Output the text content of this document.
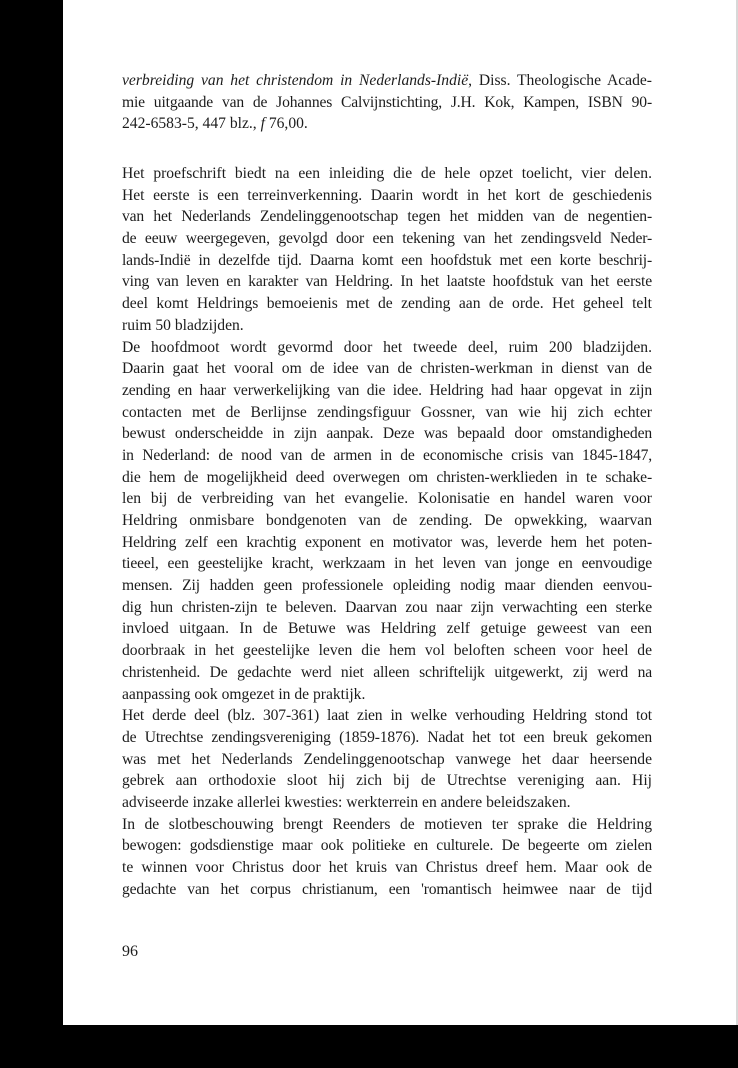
verbreiding van het christendom in Nederlands-Indië, Diss. Theologische Acade-
mie uitgaande van de Johannes Calvijnstichting, J.H. Kok, Kampen, ISBN 90-
242-6583-5, 447 blz., f 76,00.
Het proefschrift biedt na een inleiding die de hele opzet toelicht, vier delen.
Het eerste is een terreinverkenning. Daarin wordt in het kort de geschiedenis
van het Nederlands Zendelinggenootschap tegen het midden van de negentien-
de eeuw weergegeven, gevolgd door een tekening van het zendingsveld Neder-
lands-Indië in dezelfde tijd. Daarna komt een hoofdstuk met een korte beschrij-
ving van leven en karakter van Heldring. In het laatste hoofdstuk van het eerste
deel komt Heldrings bemoeienis met de zending aan de orde. Het geheel telt
ruim 50 bladzijden.
De hoofdmoot wordt gevormd door het tweede deel, ruim 200 bladzijden.
Daarin gaat het vooral om de idee van de christen-werkman in dienst van de
zending en haar verwerkelijking van die idee. Heldring had haar opgevat in zijn
contacten met de Berlijnse zendingsfiguur Gossner, van wie hij zich echter
bewust onderscheidde in zijn aanpak. Deze was bepaald door omstandigheden
in Nederland: de nood van de armen in de economische crisis van 1845-1847,
die hem de mogelijkheid deed overwegen om christen-werklieden in te schake-
len bij de verbreiding van het evangelie. Kolonisatie en handel waren voor
Heldring onmisbare bondgenoten van de zending. De opwekking, waarvan
Heldring zelf een krachtig exponent en motivator was, leverde hem het poten-
tieeel, een geestelijke kracht, werkzaam in het leven van jonge en eenvoudige
mensen. Zij hadden geen professionele opleiding nodig maar dienden eenvou-
dig hun christen-zijn te beleven. Daarvan zou naar zijn verwachting een sterke
invloed uitgaan. In de Betuwe was Heldring zelf getuige geweest van een
doorbraak in het geestelijke leven die hem vol beloften scheen voor heel de
christenheid. De gedachte werd niet alleen schriftelijk uitgewerkt, zij werd na
aanpassing ook omgezet in de praktijk.
Het derde deel (blz. 307-361) laat zien in welke verhouding Heldring stond tot
de Utrechtse zendingsvereniging (1859-1876). Nadat het tot een breuk gekomen
was met het Nederlands Zendelinggenootschap vanwege het daar heersende
gebrek aan orthodoxie sloot hij zich bij de Utrechtse vereniging aan. Hij
adviseerde inzake allerlei kwesties: werkterrein en andere beleidszaken.
In de slotbeschouwing brengt Reenders de motieven ter sprake die Heldring
bewogen: godsdienstige maar ook politieke en culturele. De begeerte om zielen
te winnen voor Christus door het kruis van Christus dreef hem. Maar ook de
gedachte van het corpus christianum, een 'romantisch heimwee naar de tijd
96
